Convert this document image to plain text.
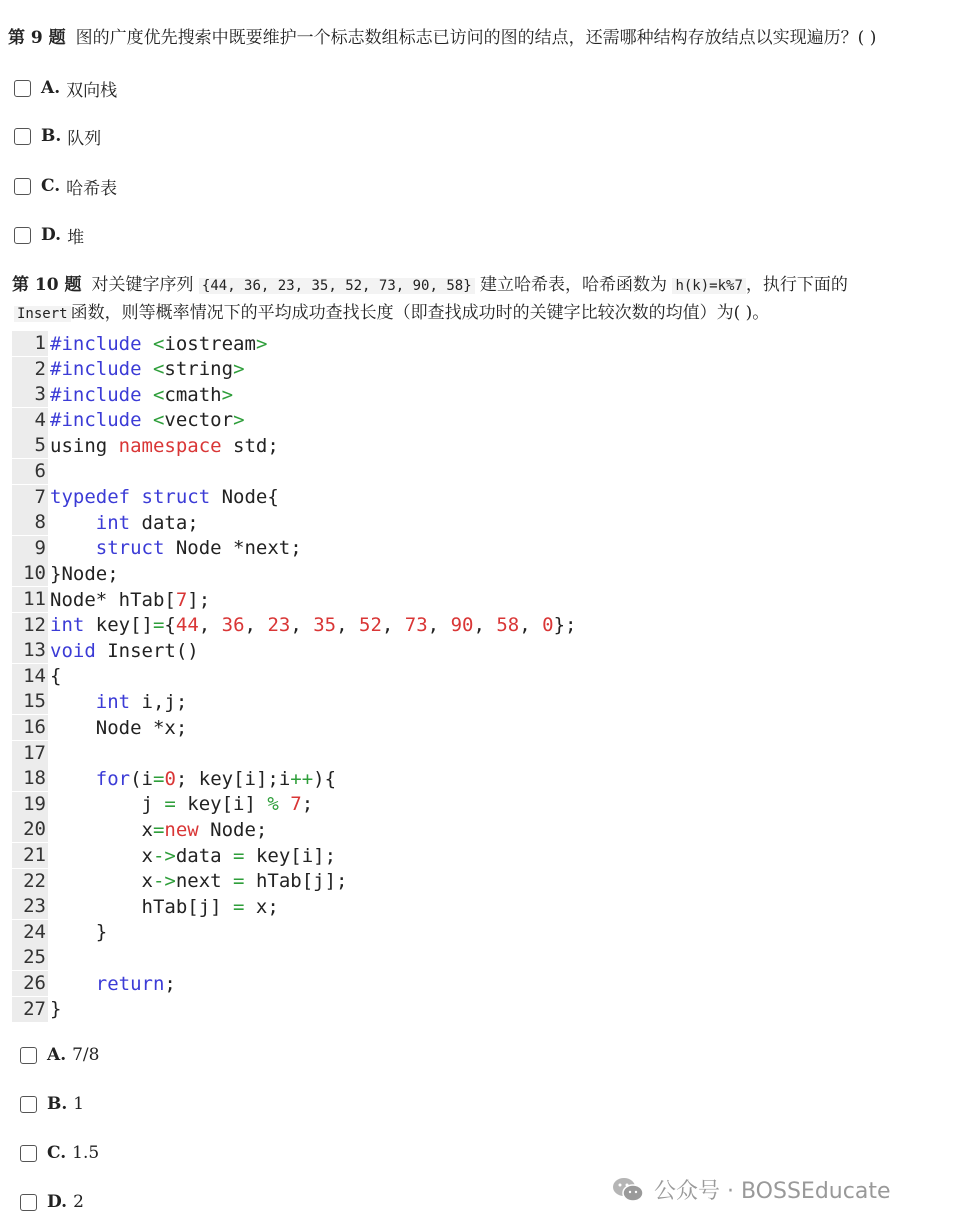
第 9 题 图的广度优先搜索中既要维护一个标志数组标志已访问的图的结点，还需哪种结构存放结点以实现遍历？( )
A. 双向栈
B. 队列
C. 哈希表
D. 堆
第 10 题 对关键字序列 {44, 36, 23, 35, 52, 73, 90, 58} 建立哈希表，哈希函数为 h(k)=k%7 ，执行下面的
Insert 函数，则等概率情况下的平均成功查找长度（即查找成功时的关键字比较次数的均值）为( )。
1 #include <iostream>
2 #include <string>
3 #include <cmath>
4 #include <vector>
5 using namespace std;
6
7 typedef struct Node{
8	int data;
9	struct Node *next;
10 }Node;
11 Node* hTab[7];
12 int key[]={44, 36, 23, 35, 52, 73, 90, 58, 0};
13 void Insert()
14 {
15	int i,j;
16 Node *x;
17
18	for(i=0; key[i];i++){
19 j = key[i] % 7;
20 x=new Node;
21 x->data = key[i];
22 x->next = hTab[j];
23 hTab[j] = x;
24 }
25
26	return;
27 }
A. 7/8
B. 1
C. 1.5
D. 2	公众号 · BOSSEducate
